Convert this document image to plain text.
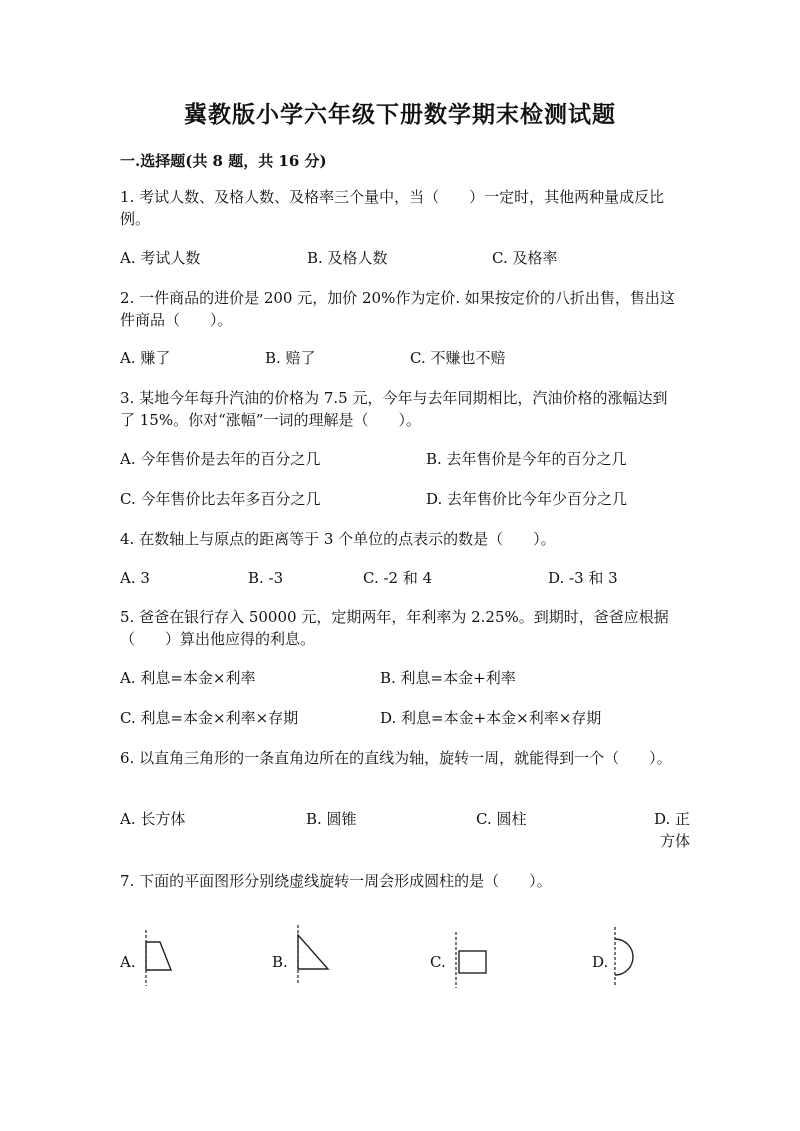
冀教版小学六年级下册数学期末检测试题
一.选择题(共 8 题，共 16 分)
1. 考试人数、及格人数、及格率三个量中，当（　　）一定时，其他两种量成反比例。
A. 考试人数	B. 及格人数	C. 及格率
2. 一件商品的进价是 200 元，加价 20%作为定价. 如果按定价的八折出售，售出这件商品（　　）。
A. 赚了	B. 赔了	C. 不赚也不赔
3. 某地今年每升汽油的价格为 7.5 元，今年与去年同期相比，汽油价格的涨幅达到了 15%。你对“涨幅”一词的理解是（　　）。
A. 今年售价是去年的百分之几	B. 去年售价是今年的百分之几
C. 今年售价比去年多百分之几	D. 去年售价比今年少百分之几
4. 在数轴上与原点的距离等于 3 个单位的点表示的数是（　　）。
A. 3	B. -3	C. -2 和 4	D. -3 和 3
5. 爸爸在银行存入 50000 元，定期两年，年利率为 2.25%。到期时，爸爸应根据（　　）算出他应得的利息。
A. 利息=本金×利率	B. 利息=本金+利率
C. 利息=本金×利率×存期	D. 利息=本金+本金×利率×存期
6. 以直角三角形的一条直角边所在的直线为轴，旋转一周，就能得到一个（　　）。
A. 长方体	B. 圆锥	C. 圆柱	D. 正方体
7. 下面的平面图形分别绕虚线旋转一周会形成圆柱的是（　　）。
A.	B.	C.	D.
